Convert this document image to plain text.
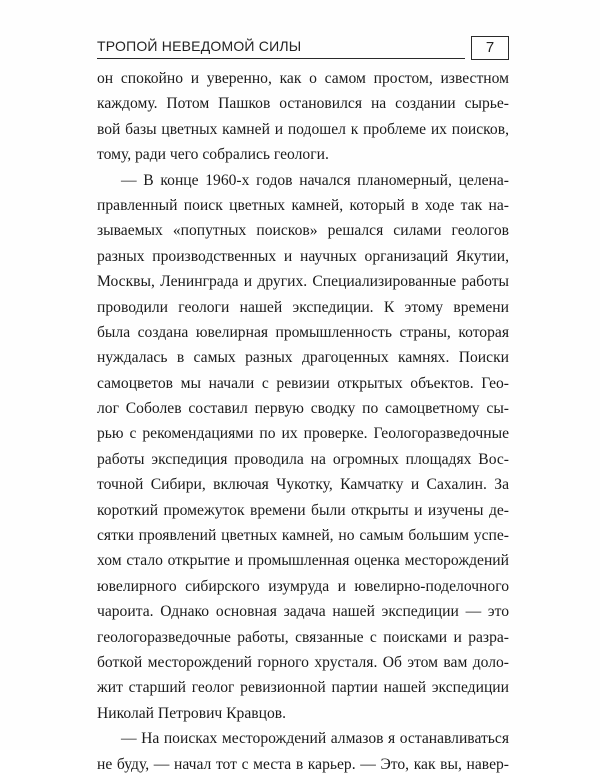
ТРОПОЙ НЕВЕДОМОЙ СИЛЫ	7
он спокойно и уверенно, как о самом простом, известном
каждому. Потом Пашков остановился на создании сырье-
вой базы цветных камней и подошел к проблеме их поисков,
тому, ради чего собрались геологи.
— В конце 1960-х годов начался планомерный, целена-
правленный поиск цветных камней, который в ходе так на-
зываемых «попутных поисков» решался силами геологов
разных производственных и научных организаций Якутии,
Москвы, Ленинграда и других. Специализированные работы
проводили геологи нашей экспедиции. К этому времени
была создана ювелирная промышленность страны, которая
нуждалась в самых разных драгоценных камнях. Поиски
самоцветов мы начали с ревизии открытых объектов. Гео-
лог Соболев составил первую сводку по самоцветному сы-
рью с рекомендациями по их проверке. Геологоразведочные
работы экспедиция проводила на огромных площадях Вос-
точной Сибири, включая Чукотку, Камчатку и Сахалин. За
короткий промежуток времени были открыты и изучены де-
сятки проявлений цветных камней, но самым большим успе-
хом стало открытие и промышленная оценка месторождений
ювелирного сибирского изумруда и ювелирно-поделочного
чароита. Однако основная задача нашей экспедиции — это
геологоразведочные работы, связанные с поисками и разра-
боткой месторождений горного хрусталя. Об этом вам долo-
жит старший геолог ревизионной партии нашей экспедиции
Николай Петрович Кравцов.
— На поисках месторождений алмазов я останавливаться
не буду, — начал тот с места в карьер. — Это, как вы, навер-
